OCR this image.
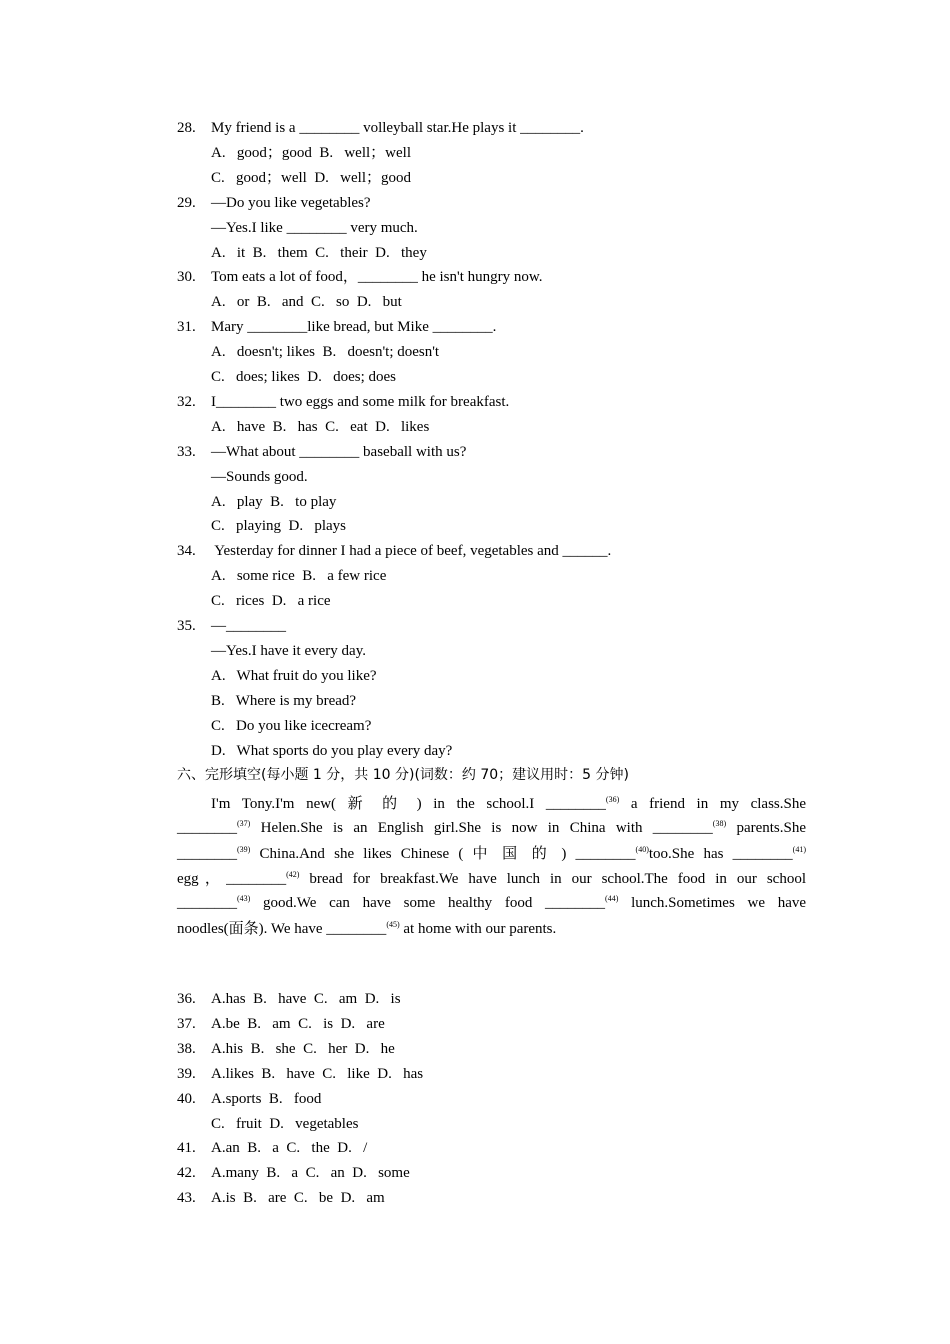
28. My friend is a ________ volleyball star.He plays it ________.
A.   good；good  B.   well；well
C.   good；well  D.   well；good
29. —Do you like vegetables?
—Yes.I like ________ very much.
A.   it  B.   them  C.   their  D.   they
30. Tom eats a lot of food，________ he isn't hungry now.
A.   or  B.   and  C.   so  D.   but
31. Mary ________like bread, but Mike ________.
A.   doesn't; likes  B.   doesn't; doesn't
C.   does; likes  D.   does; does
32. I________ two eggs and some milk for breakfast.
A.   have  B.   has  C.   eat  D.   likes
33. —What about ________ baseball with us?
—Sounds good.
A.   play  B.   to play
C.   playing  D.   plays
34. Yesterday for dinner I had a piece of beef, vegetables and ______.
A.   some rice  B.   a few rice
C.   rices  D.   a rice
35. —________
—Yes.I have it every day.
A.   What fruit do you like?
B.   Where is my bread?
C.   Do you like icecream?
D.   What sports do you play every day?
六、完形填空(每小题 1 分，共 10 分)(词数：约 70；建议用时：5 分钟)
I'm Tony.I'm new( 新 的 ) in the school.I ________$^{(36)}$ a friend in my class.She
________$^{(37)}$ Helen.She is an English girl.She is now in China with ________$^{(38)}$ parents.She
________$^{(39)}$ China.And she likes Chinese ( 中 国 的 ) ________$^{(40)}$too.She has ________$^{(41)}$
egg，________$^{(42)}$ bread for breakfast.We have lunch in our school.The food in our school
________$^{(43)}$ good.We can have some healthy food ________$^{(44)}$ lunch.Sometimes we have
noodles(面条). We have ________$^{(45)}$ at home with our parents.
36. A.has  B.   have  C.   am  D.   is
37. A.be  B.   am  C.   is  D.   are
38. A.his  B.   she  C.   her  D.   he
39. A.likes  B.   have  C.   like  D.   has
40. A.sports  B.   food
C.   fruit  D.   vegetables
41. A.an  B.   a  C.   the  D.   /
42. A.many  B.   a  C.   an  D.   some
43. A.is  B.   are  C.   be  D.   am
